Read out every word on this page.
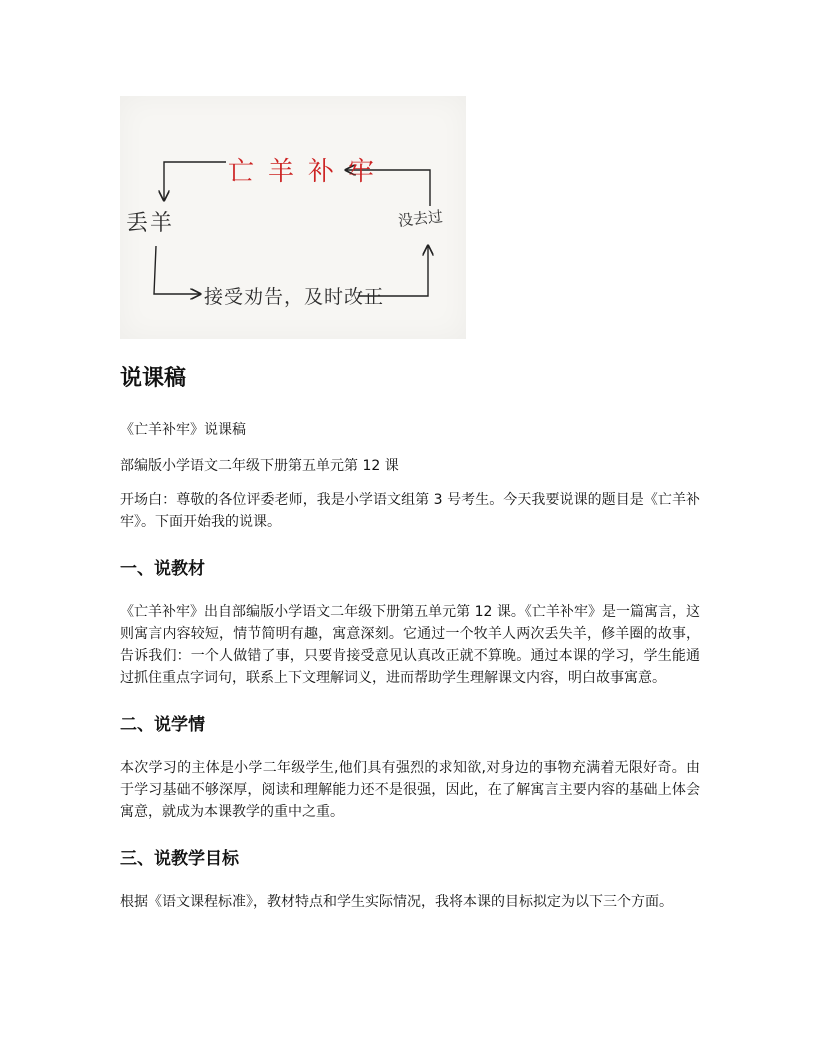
亡羊补牢
丢羊	没去过
接受劝告，及时改正
说课稿

《亡羊补牢》说课稿

部编版小学语文二年级下册第五单元第 12 课

开场白：尊敬的各位评委老师，我是小学语文组第 3 号考生。今天我要说课的题目是《亡羊补牢》。下面开始我的说课。

一、说教材

《亡羊补牢》出自部编版小学语文二年级下册第五单元第 12 课。《亡羊补牢》是一篇寓言，这则寓言内容较短，情节简明有趣，寓意深刻。它通过一个牧羊人两次丢失羊，修羊圈的故事，告诉我们：一个人做错了事，只要肯接受意见认真改正就不算晚。通过本课的学习，学生能通过抓住重点字词句，联系上下文理解词义，进而帮助学生理解课文内容，明白故事寓意。

二、说学情

本次学习的主体是小学二年级学生,他们具有强烈的求知欲,对身边的事物充满着无限好奇。由于学习基础不够深厚，阅读和理解能力还不是很强，因此，在了解寓言主要内容的基础上体会寓意，就成为本课教学的重中之重。

三、说教学目标

根据《语文课程标准》，教材特点和学生实际情况，我将本课的目标拟定为以下三个方面。
